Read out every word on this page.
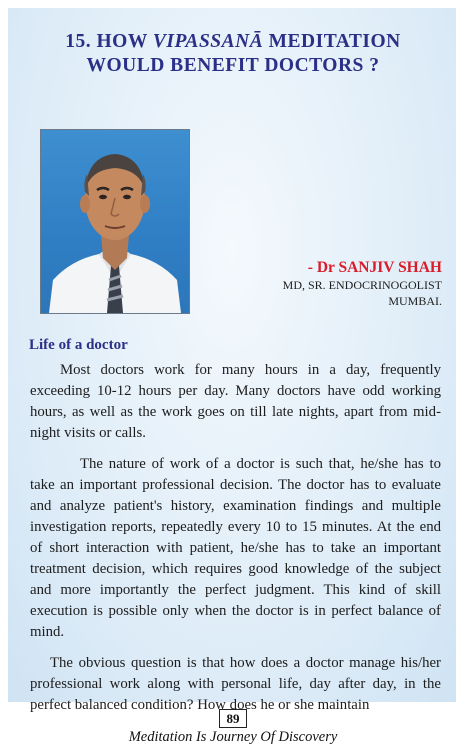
15. HOW VIPASSANĀ MEDITATION
WOULD BENEFIT DOCTORS ?
- Dr SANJIV SHAH
MD, SR. ENDOCRINOGOLIST
MUMBAI.
Life of a doctor

Most doctors work for many hours in a day, frequently exceeding 10-12 hours per day. Many doctors have odd working hours, as well as the work goes on till late nights, apart from mid-night visits or calls.

The nature of work of a doctor is such that, he/she has to take an important professional decision. The doctor has to evaluate and analyze patient's history, examination findings and multiple investigation reports, repeatedly every 10 to 15 minutes. At the end of short interaction with patient, he/she has to take an important treatment decision, which requires good knowledge of the subject and more importantly the perfect judgment. This kind of skill execution is possible only when the doctor is in perfect balance of mind.

The obvious question is that how does a doctor manage his/her professional work along with personal life, day after day, in the perfect balanced condition? How does he or she maintain

89
Meditation Is Journey Of Discovery
